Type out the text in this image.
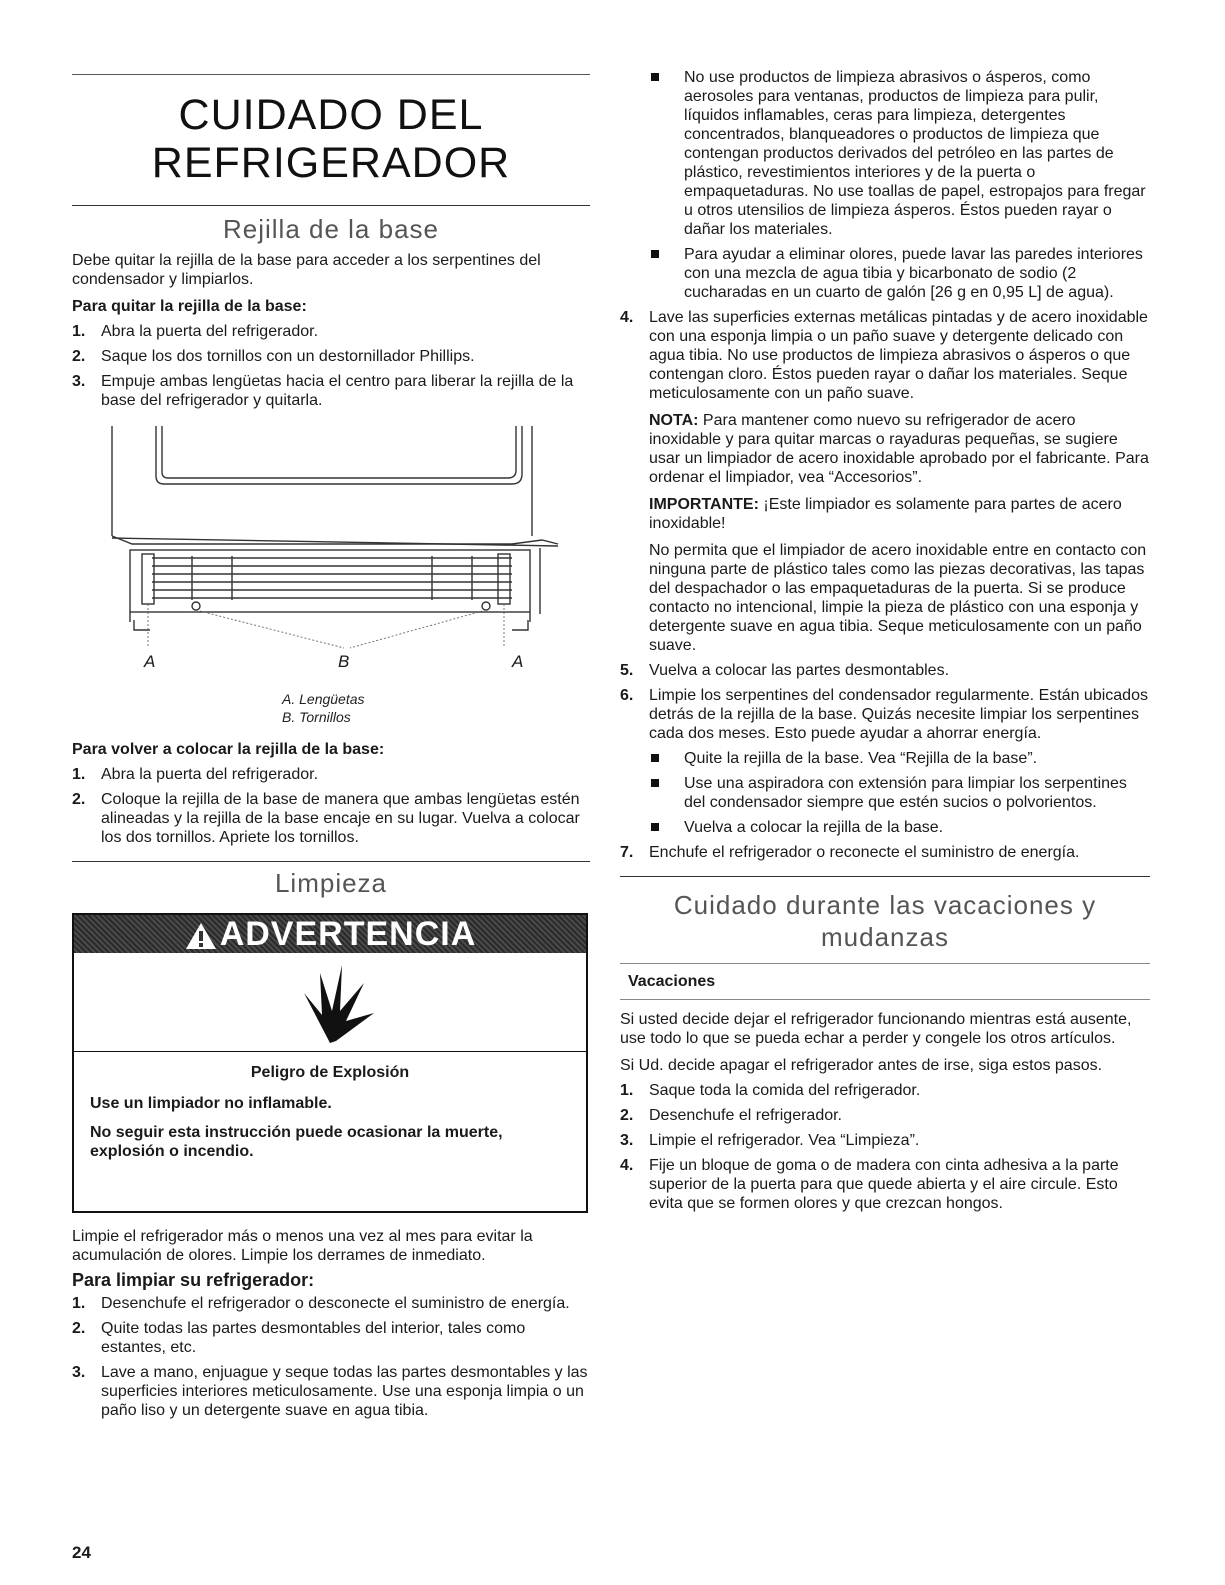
CUIDADO DEL
REFRIGERADOR
Rejilla de la base

Debe quitar la rejilla de la base para acceder a los serpentines del condensador y limpiarlos.

Para quitar la rejilla de la base:

1. Abra la puerta del refrigerador.
2. Saque los dos tornillos con un destornillador Phillips.
3. Empuje ambas lengüetas hacia el centro para liberar la rejilla de la base del refrigerador y quitarla.
A	B	A
A. Lengüetas
B. Tornillos

Para volver a colocar la rejilla de la base:

1. Abra la puerta del refrigerador.
2. Coloque la rejilla de la base de manera que ambas lengüetas estén alineadas y la rejilla de la base encaje en su lugar. Vuelva a colocar los dos tornillos. Apriete los tornillos.
Limpieza
ADVERTENCIA
Peligro de Explosión
Use un limpiador no inflamable.
No seguir esta instrucción puede ocasionar la muerte, explosión o incendio.

Limpie el refrigerador más o menos una vez al mes para evitar la acumulación de olores. Limpie los derrames de inmediato.

Para limpiar su refrigerador:

1. Desenchufe el refrigerador o desconecte el suministro de energía.
2. Quite todas las partes desmontables del interior, tales como estantes, etc.
3. Lave a mano, enjuague y seque todas las partes desmontables y las superficies interiores meticulosamente. Use una esponja limpia o un paño liso y un detergente suave en agua tibia.
No use productos de limpieza abrasivos o ásperos, como aerosoles para ventanas, productos de limpieza para pulir, líquidos inflamables, ceras para limpieza, detergentes concentrados, blanqueadores o productos de limpieza que contengan productos derivados del petróleo en las partes de plástico, revestimientos interiores y de la puerta o empaquetaduras. No use toallas de papel, estropajos para fregar u otros utensilios de limpieza ásperos. Éstos pueden rayar o dañar los materiales.
Para ayudar a eliminar olores, puede lavar las paredes interiores con una mezcla de agua tibia y bicarbonato de sodio (2 cucharadas en un cuarto de galón [26 g en 0,95 L] de agua).
4. Lave las superficies externas metálicas pintadas y de acero inoxidable con una esponja limpia o un paño suave y detergente delicado con agua tibia. No use productos de limpieza abrasivos o ásperos o que contengan cloro. Éstos pueden rayar o dañar los materiales. Seque meticulosamente con un paño suave.

NOTA: Para mantener como nuevo su refrigerador de acero inoxidable y para quitar marcas o rayaduras pequeñas, se sugiere usar un limpiador de acero inoxidable aprobado por el fabricante. Para ordenar el limpiador, vea “Accesorios”.

IMPORTANTE: ¡Este limpiador es solamente para partes de acero inoxidable!

No permita que el limpiador de acero inoxidable entre en contacto con ninguna parte de plástico tales como las piezas decorativas, las tapas del despachador o las empaquetaduras de la puerta. Si se produce contacto no intencional, limpie la pieza de plástico con una esponja y detergente suave en agua tibia. Seque meticulosamente con un paño suave.

5. Vuelva a colocar las partes desmontables.
6. Limpie los serpentines del condensador regularmente. Están ubicados detrás de la rejilla de la base. Quizás necesite limpiar los serpentines cada dos meses. Esto puede ayudar a ahorrar energía.
Quite la rejilla de la base. Vea “Rejilla de la base”.
Use una aspiradora con extensión para limpiar los serpentines del condensador siempre que estén sucios o polvorientos.
Vuelva a colocar la rejilla de la base.
7. Enchufe el refrigerador o reconecte el suministro de energía.
Cuidado durante las vacaciones y
mudanzas

Vacaciones

Si usted decide dejar el refrigerador funcionando mientras está ausente, use todo lo que se pueda echar a perder y congele los otros artículos.

Si Ud. decide apagar el refrigerador antes de irse, siga estos pasos.

1. Saque toda la comida del refrigerador.
2. Desenchufe el refrigerador.
3. Limpie el refrigerador. Vea “Limpieza”.
4. Fije un bloque de goma o de madera con cinta adhesiva a la parte superior de la puerta para que quede abierta y el aire circule. Esto evita que se formen olores y que crezcan hongos.
24
